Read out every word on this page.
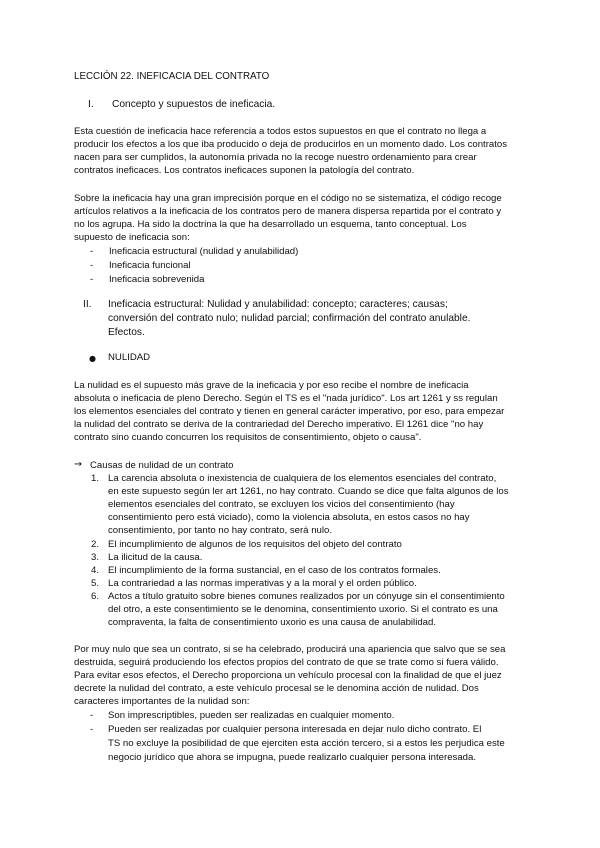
LECCIÓN 22. INEFICACIA DEL CONTRATO
I. Concepto y supuestos de ineficacia.
Esta cuestión de ineficacia hace referencia a todos estos supuestos en que el contrato no llega a
producir los efectos a los que iba producido o deja de producirlos en un momento dado. Los contratos
nacen para ser cumplidos, la autonomía privada no la recoge nuestro ordenamiento para crear
contratos ineficaces. Los contratos ineficaces suponen la patología del contrato.
Sobre la ineficacia hay una gran imprecisión porque en el código no se sistematiza, el código recoge
artículos relativos a la ineficacia de los contratos pero de manera dispersa repartida por el contrato y
no los agrupa. Ha sido la doctrina la que ha desarrollado un esquema, tanto conceptual. Los
supuesto de ineficacia son:
- Ineficacia estructural (nulidad y anulabilidad)
- Ineficacia funcional
- Ineficacia sobrevenida
II. Ineficacia estructural: Nulidad y anulabilidad: concepto; caracteres; causas;
conversión del contrato nulo; nulidad parcial; confirmación del contrato anulable.
Efectos.
● NULIDAD
La nulidad es el supuesto más grave de la ineficacia y por eso recibe el nombre de ineficacia
absoluta o ineficacia de pleno Derecho. Según el TS es el "nada jurídico". Los art 1261 y ss regulan
los elementos esenciales del contrato y tienen en general carácter imperativo, por eso, para empezar
la nulidad del contrato se deriva de la contrariedad del Derecho imperativo. El 1261 dice "no hay
contrato sino cuando concurren los requisitos de consentimiento, objeto o causa".
→ Causas de nulidad de un contrato
1. La carencia absoluta o inexistencia de cualquiera de los elementos esenciales del contrato,
en este supuesto según ler art 1261, no hay contrato. Cuando se dice que falta algunos de los
elementos esenciales del contrato, se excluyen los vicios del consentimiento (hay
consentimiento pero está viciado), como la violencia absoluta, en estos casos no hay
consentimiento, por tanto no hay contrato, será nulo.
2. El incumplimiento de algunos de los requisitos del objeto del contrato
3. La ilicitud de la causa.
4. El incumplimiento de la forma sustancial, en el caso de los contratos formales.
5. La contrariedad a las normas imperativas y a la moral y el orden público.
6. Actos a título gratuito sobre bienes comunes realizados por un cónyuge sin el consentimiento
del otro, a este consentimiento se le denomina, consentimiento uxorio. Si el contrato es una
compraventa, la falta de consentimiento uxorio es una causa de anulabilidad.
Por muy nulo que sea un contrato, si se ha celebrado, producirá una apariencia que salvo que se sea
destruida, seguirá produciendo los efectos propios del contrato de que se trate como si fuera válido.
Para evitar esos efectos, el Derecho proporciona un vehículo procesal con la finalidad de que el juez
decrete la nulidad del contrato, a este vehículo procesal se le denomina acción de nulidad. Dos
caracteres importantes de la nulidad son:
- Son imprescriptibles, pueden ser realizadas en cualquier momento.
- Pueden ser realizadas por cualquier persona interesada en dejar nulo dicho contrato. El
TS no excluye la posibilidad de que ejerciten esta acción tercero, si a estos les perjudica este
negocio jurídico que ahora se impugna, puede realizarlo cualquier persona interesada.
